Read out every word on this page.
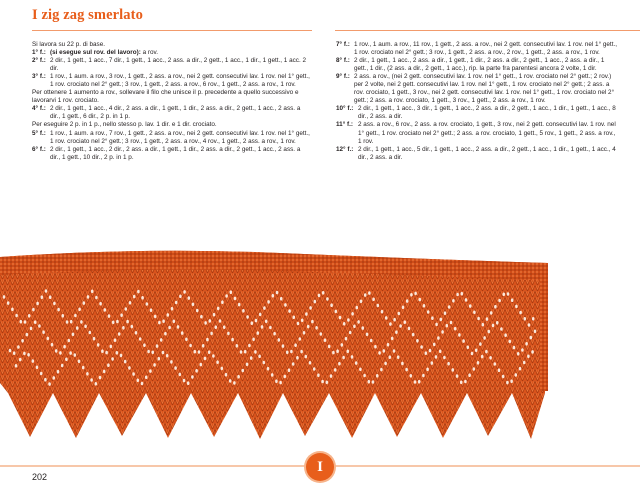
I zig zag smerlato

Si lavora su 22 p. di base.

1° f.: (si esegue sul rov. del lavoro): a rov.
2° f.: 2 dir., 1 gett., 1 acc., 7 dir., 1 gett., 1 acc., 2 ass. a dir., 2 gett., 1 acc., 1 dir., 1 gett., 1 acc. 2 dir.
3° f.: 1 rov., 1 aum. a rov., 3 rov., 1 gett., 2 ass. a rov., nei 2 gett. consecutivi lav. 1 rov. nel 1° gett., 1 rov. crociato nel 2° gett.; 3 rov., 1 gett., 2 ass. a rov., 6 rov., 1 gett., 2 ass. a rov., 1 rov.

Per ottenere 1 aumento a rov., sollevare il filo che unisce il p. precedente a quello successivo e lavorarvi 1 rov. crociato.

4° f.: 2 dir., 1 gett., 1 acc., 4 dir., 2 ass. a dir., 1 gett., 1 dir., 2 ass. a dir., 2 gett., 1 acc., 2 ass. a dir., 1 gett., 6 dir., 2 p. in 1 p.

Per eseguire 2 p. in 1 p., nello stesso p. lav. 1 dir. e 1 dir. crociato.

5° f.: 1 rov., 1 aum. a rov., 7 rov., 1 gett., 2 ass. a rov., nei 2 gett. consecutivi lav. 1 rov. nel 1° gett., 1 rov. crociato nel 2° gett.; 3 rov., 1 gett., 2 ass. a rov., 4 rov., 1 gett., 2 ass. a rov., 1 rov.
6° f.: 2 dir., 1 gett., 1 acc., 2 dir., 2 ass. a dir., 1 gett., 1 dir., 2 ass. a dir., 2 gett., 1 acc., 2 ass. a dir., 1 gett., 10 dir., 2 p. in 1 p.
7° f.: 1 rov., 1 aum. a rov., 11 rov., 1 gett., 2 ass. a rov., nei 2 gett. consecutivi lav. 1 rov. nel 1° gett., 1 rov. crociato nel 2° gett.; 3 rov., 1 gett., 2 ass. a rov., 2 rov., 1 gett., 2 ass. a rov., 1 rov.
8° f.: 2 dir., 1 gett., 1 acc., 2 ass. a dir., 1 gett., 1 dir., 2 ass. a dir., 2 gett., 1 acc., 2 ass. a dir., 1 gett., 1 dir., (2 ass. a dir., 2 gett., 1 acc.), rip. la parte fra parentesi ancora 2 volte, 1 dir.
9° f.: 2 ass. a rov., (nei 2 gett. consecutivi lav. 1 rov. nel 1° gett., 1 rov. crociato nel 2° gett.; 2 rov.) per 2 volte, nei 2 gett. consecutivi lav. 1 rov. nel 1° gett., 1 rov. crociato nel 2° gett.; 2 ass. a rov. crociato, 1 gett., 3 rov., nei 2 gett. consecutivi lav. 1 rov. nel 1° gett., 1 rov. crociato nel 2° gett.; 2 ass. a rov. crociato, 1 gett., 3 rov., 1 gett., 2 ass. a rov., 1 rov.
10° f.: 2 dir., 1 gett., 1 acc., 3 dir., 1 gett., 1 acc., 2 ass. a dir., 2 gett., 1 acc., 1 dir., 1 gett., 1 acc., 8 dir., 2 ass. a dir.
11° f.: 2 ass. a rov., 6 rov., 2 ass. a rov. crociato, 1 gett., 3 rov., nei 2 gett. consecutivi lav. 1 rov. nel 1° gett., 1 rov. crociato nel 2° gett.; 2 ass. a rov. crociato, 1 gett., 5 rov., 1 gett., 2 ass. a rov., 1 rov.
12° f.: 2 dir., 1 gett., 1 acc., 5 dir., 1 gett., 1 acc., 2 ass. a dir., 2 gett., 1 acc., 1 dir., 1 gett., 1 acc., 4 dir., 2 ass. a dir.
202
I
